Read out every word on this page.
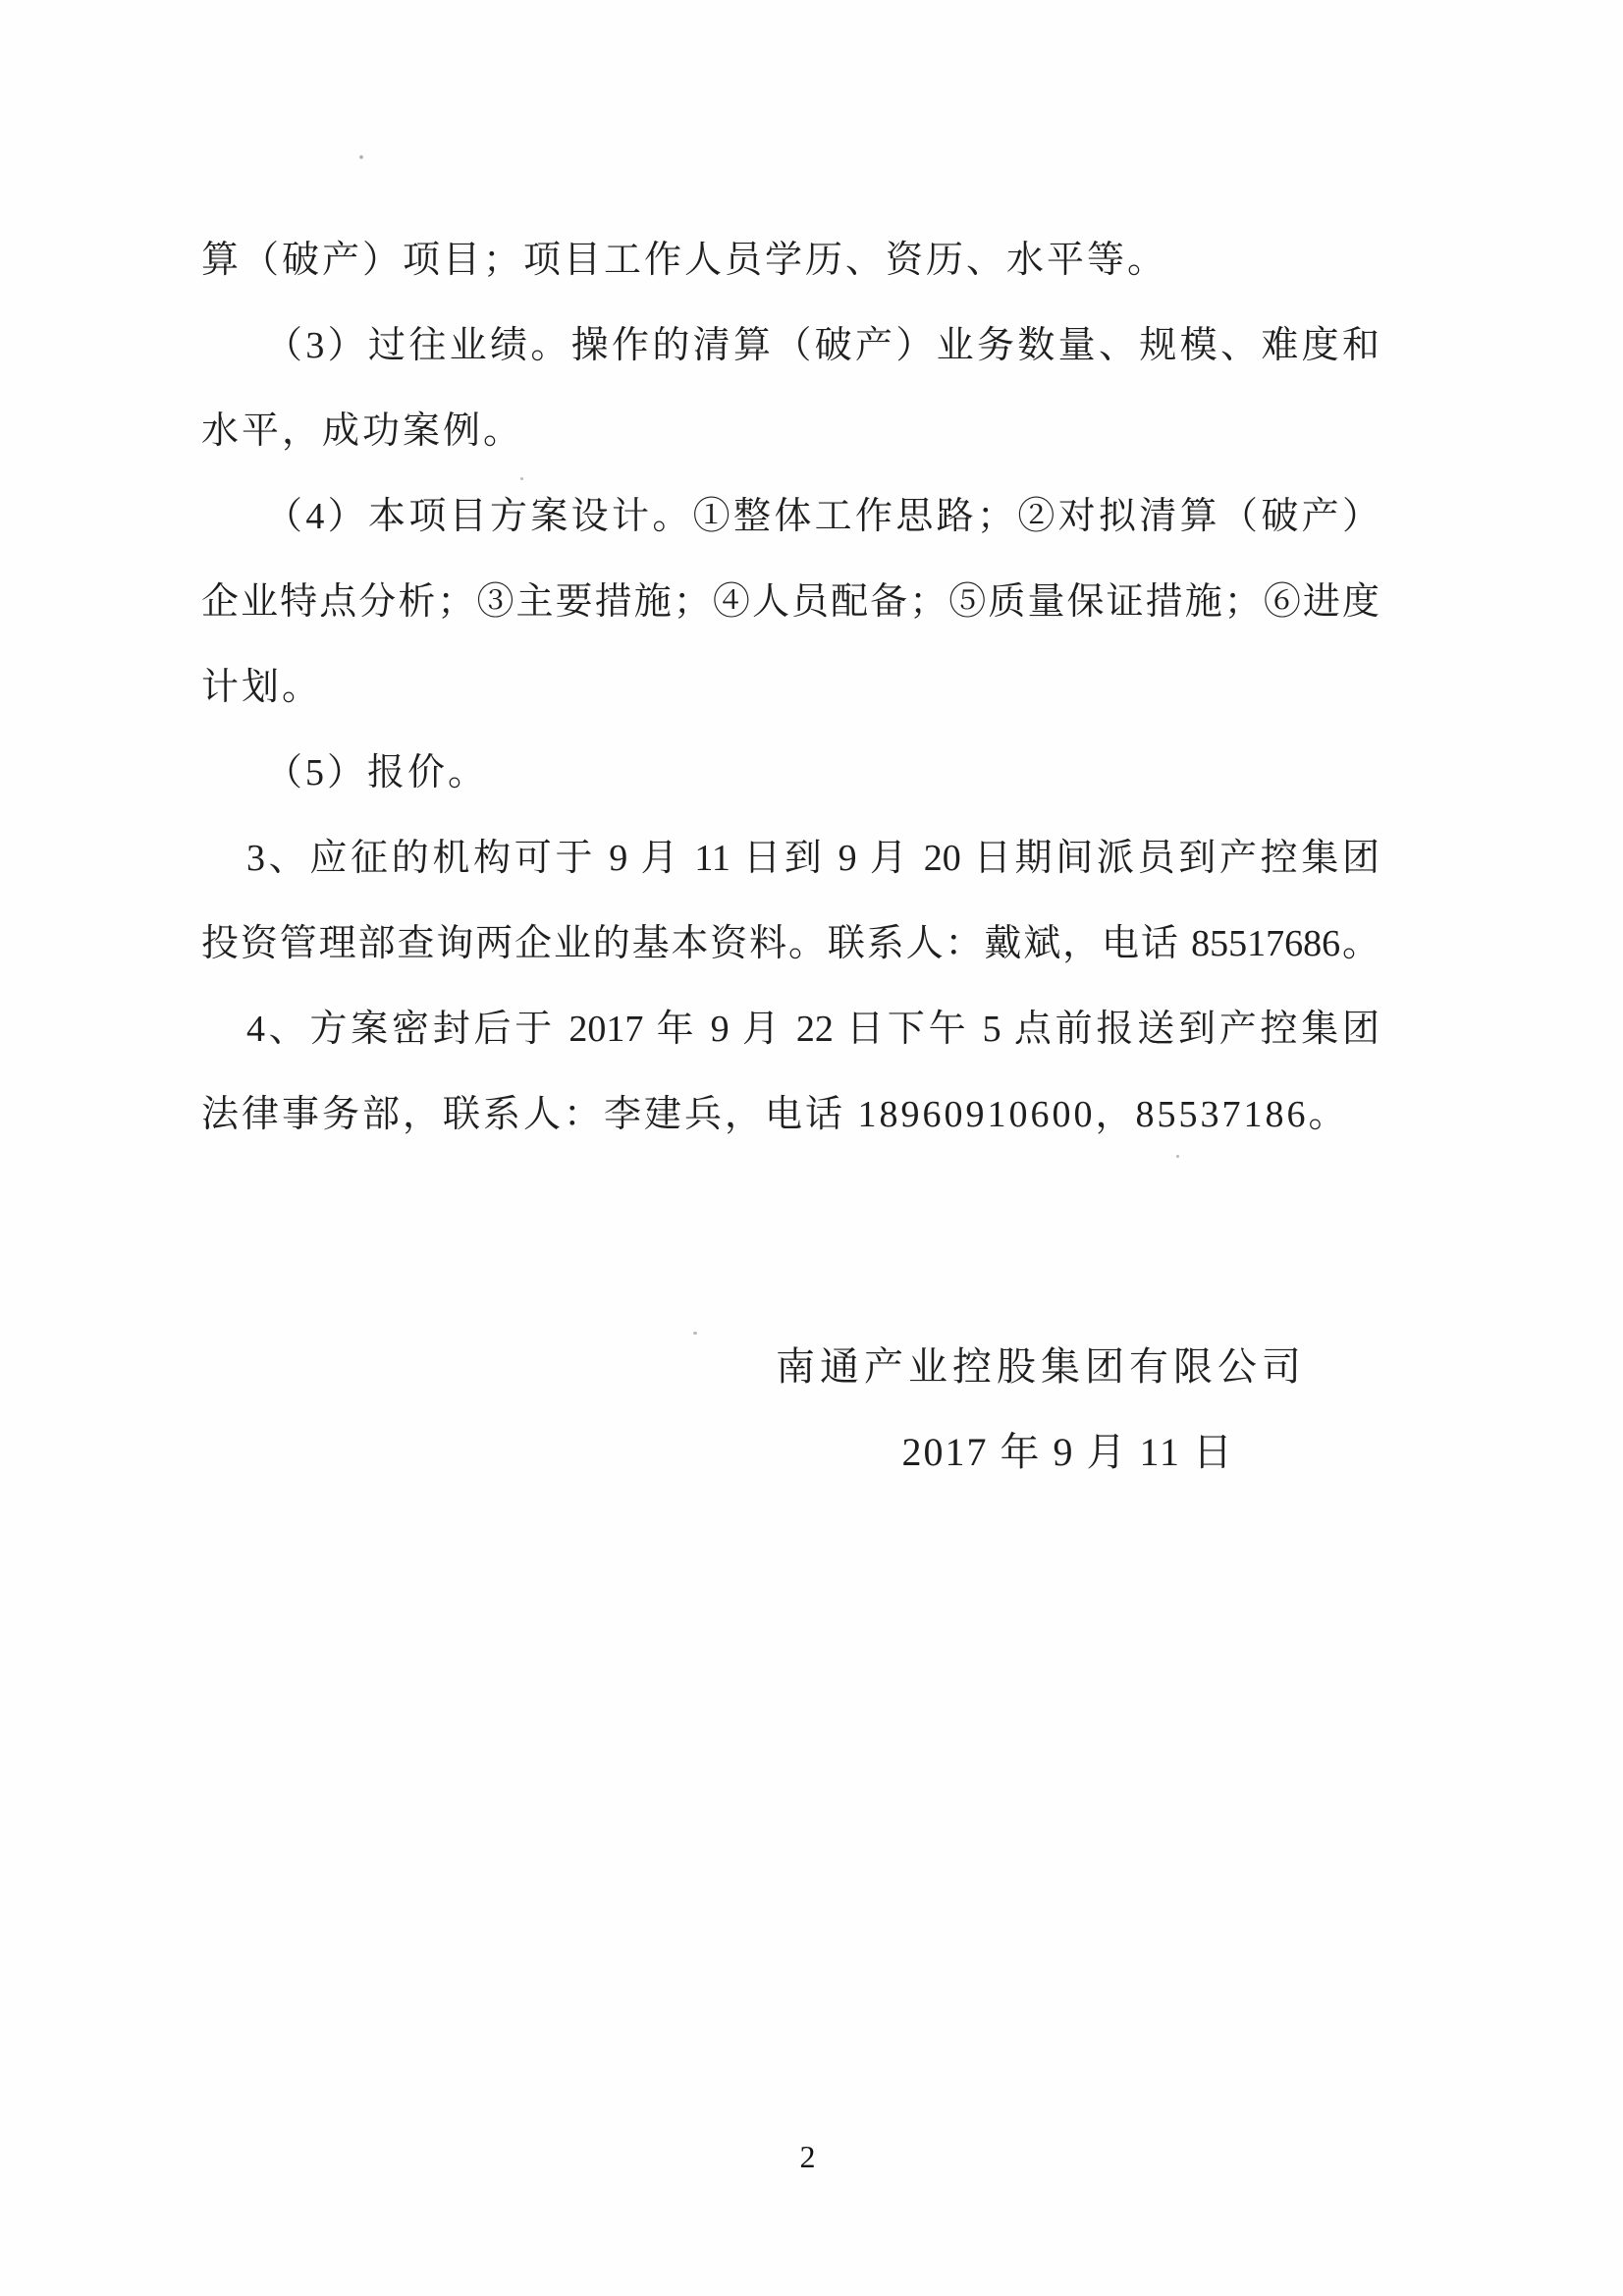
算（破产）项目；项目工作人员学历、资历、水平等。
（3）过往业绩。操作的清算（破产）业务数量、规模、难度和
水平，成功案例。
（4）本项目方案设计。①整体工作思路；②对拟清算（破产）
企业特点分析；③主要措施；④人员配备；⑤质量保证措施；⑥进度
计划。
（5）报价。
3、应征的机构可于 9 月 11 日到 9 月 20 日期间派员到产控集团
投资管理部查询两企业的基本资料。联系人：戴斌，电话 85517686。
4、方案密封后于 2017 年 9 月 22 日下午 5 点前报送到产控集团
法律事务部，联系人：李建兵，电话 18960910600，85537186。
南通产业控股集团有限公司
2017 年 9 月 11 日
2
